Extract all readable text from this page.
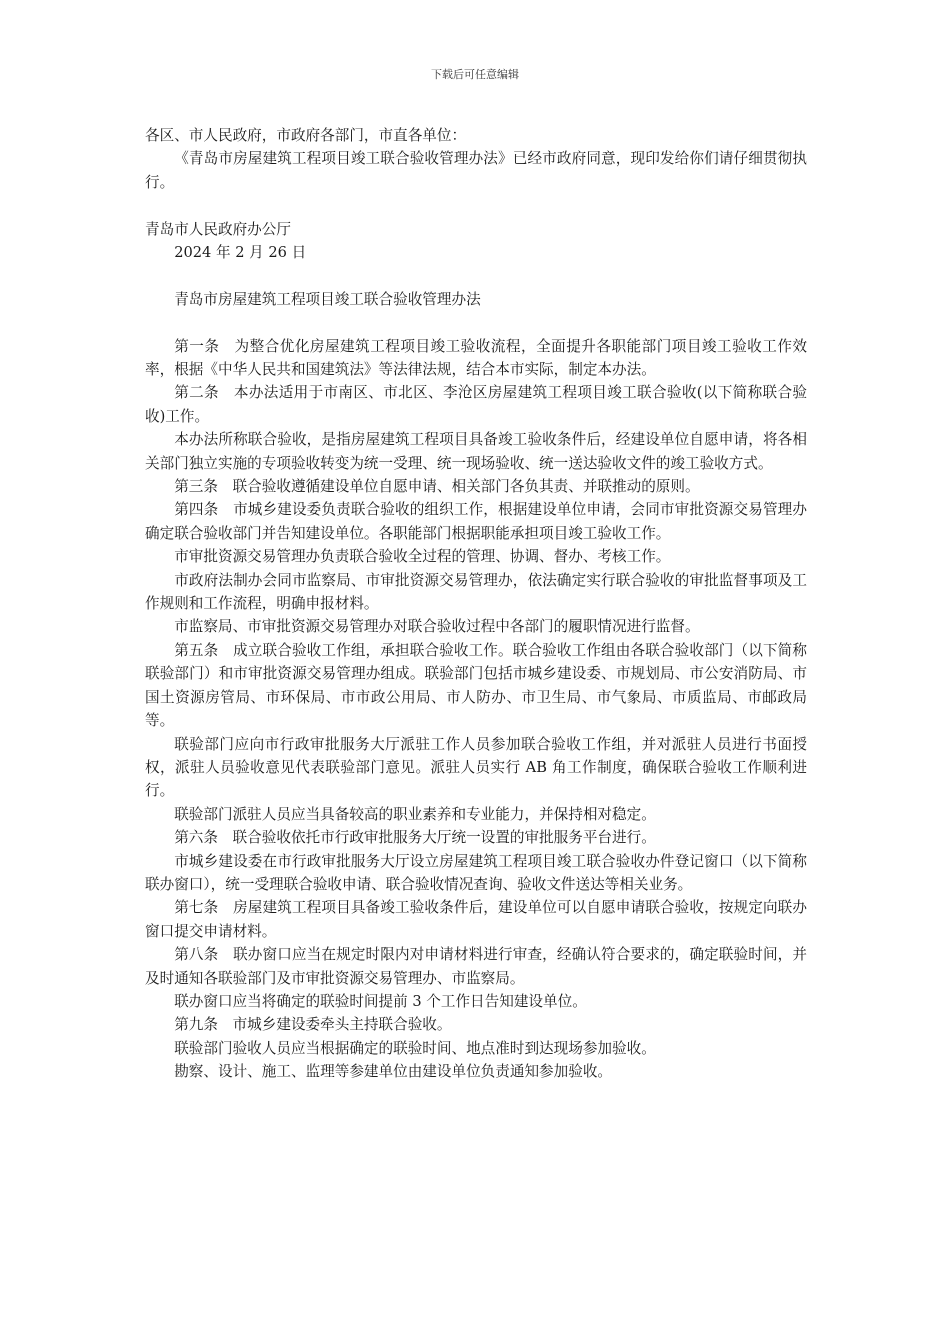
下载后可任意编辑

各区、市人民政府，市政府各部门，市直各单位：

《青岛市房屋建筑工程项目竣工联合验收管理办法》已经市政府同意，现印发给你们请仔细贯彻执行。

青岛市人民政府办公厅

2024 年 2 月 26 日

青岛市房屋建筑工程项目竣工联合验收管理办法

第一条　为整合优化房屋建筑工程项目竣工验收流程，全面提升各职能部门项目竣工验收工作效率，根据《中华人民共和国建筑法》等法律法规，结合本市实际，制定本办法。

第二条　本办法适用于市南区、市北区、李沧区房屋建筑工程项目竣工联合验收(以下简称联合验收)工作。

本办法所称联合验收，是指房屋建筑工程项目具备竣工验收条件后，经建设单位自愿申请，将各相关部门独立实施的专项验收转变为统一受理、统一现场验收、统一送达验收文件的竣工验收方式。

第三条　联合验收遵循建设单位自愿申请、相关部门各负其责、并联推动的原则。

第四条　市城乡建设委负责联合验收的组织工作，根据建设单位申请，会同市审批资源交易管理办确定联合验收部门并告知建设单位。各职能部门根据职能承担项目竣工验收工作。

市审批资源交易管理办负责联合验收全过程的管理、协调、督办、考核工作。

市政府法制办会同市监察局、市审批资源交易管理办，依法确定实行联合验收的审批监督事项及工作规则和工作流程，明确申报材料。

市监察局、市审批资源交易管理办对联合验收过程中各部门的履职情况进行监督。

第五条　成立联合验收工作组，承担联合验收工作。联合验收工作组由各联合验收部门（以下简称联验部门）和市审批资源交易管理办组成。联验部门包括市城乡建设委、市规划局、市公安消防局、市国土资源房管局、市环保局、市市政公用局、市人防办、市卫生局、市气象局、市质监局、市邮政局等。

联验部门应向市行政审批服务大厅派驻工作人员参加联合验收工作组，并对派驻人员进行书面授权，派驻人员验收意见代表联验部门意见。派驻人员实行 AB 角工作制度，确保联合验收工作顺利进行。

联验部门派驻人员应当具备较高的职业素养和专业能力，并保持相对稳定。

第六条　联合验收依托市行政审批服务大厅统一设置的审批服务平台进行。

市城乡建设委在市行政审批服务大厅设立房屋建筑工程项目竣工联合验收办件登记窗口（以下简称联办窗口），统一受理联合验收申请、联合验收情况查询、验收文件送达等相关业务。

第七条　房屋建筑工程项目具备竣工验收条件后，建设单位可以自愿申请联合验收，按规定向联办窗口提交申请材料。

第八条　联办窗口应当在规定时限内对申请材料进行审查，经确认符合要求的，确定联验时间，并及时通知各联验部门及市审批资源交易管理办、市监察局。

联办窗口应当将确定的联验时间提前 3 个工作日告知建设单位。

第九条　市城乡建设委牵头主持联合验收。

联验部门验收人员应当根据确定的联验时间、地点准时到达现场参加验收。

勘察、设计、施工、监理等参建单位由建设单位负责通知参加验收。
